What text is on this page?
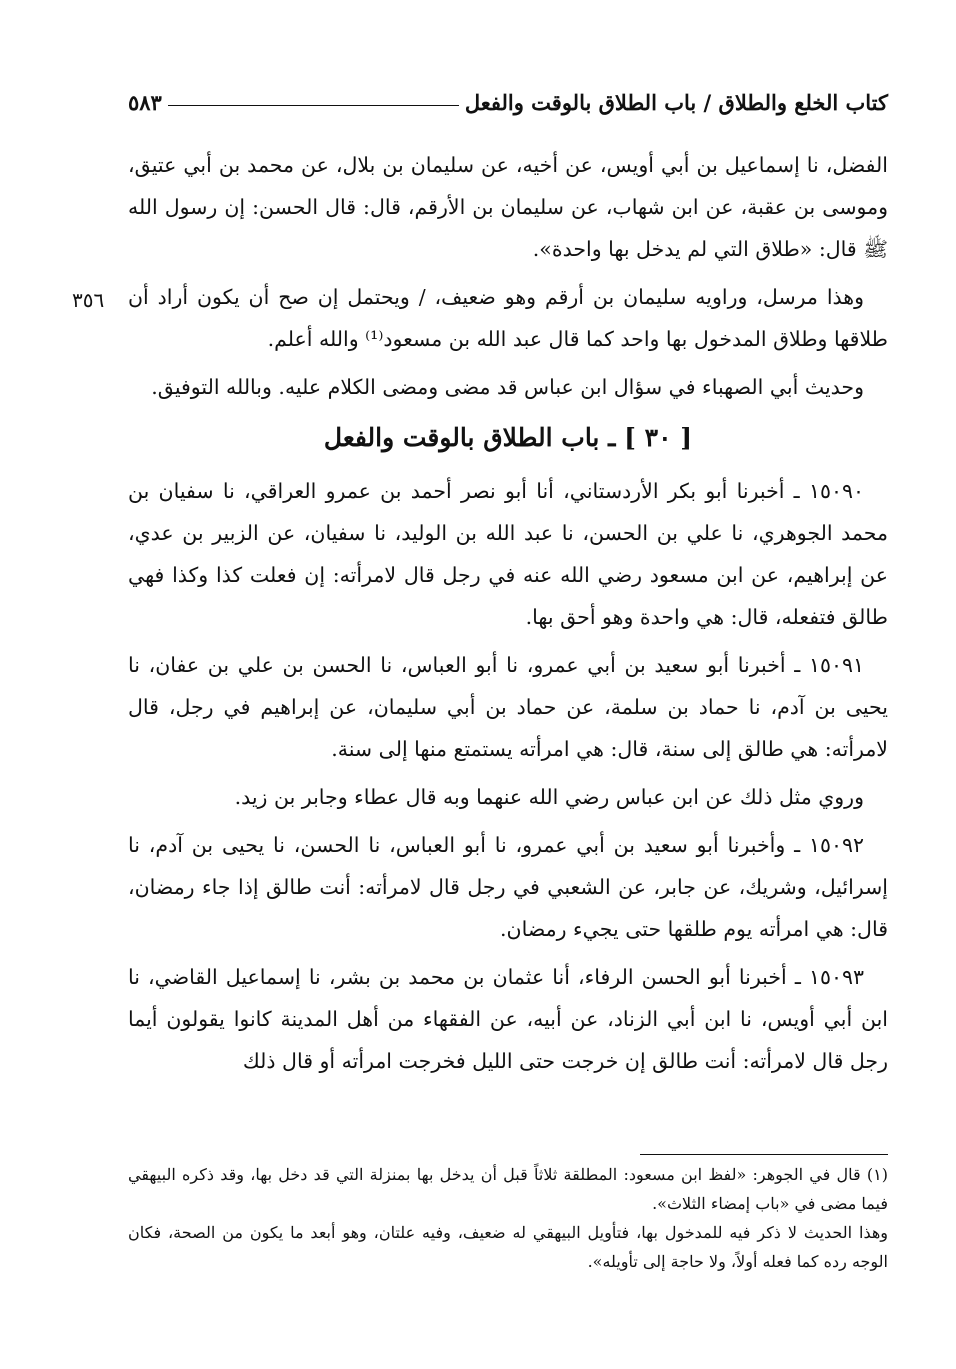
كتاب الخلع والطلاق / باب الطلاق بالوقت والفعل
٥٨٣
٣٥٦

الفضل، نا إسماعيل بن أبي أويس، عن أخيه، عن سليمان بن بلال، عن محمد بن أبي عتيق، وموسى بن عقبة، عن ابن شهاب، عن سليمان بن الأرقم، قال: قال الحسن: إن رسول الله ﷺ قال: «طلاق التي لم يدخل بها واحدة».

وهذا مرسل، وراويه سليمان بن أرقم وهو ضعيف، / ويحتمل إن صح أن يكون أراد أن طلاقها وطلاق المدخول بها واحد كما قال عبد الله بن مسعود⁽¹⁾ والله أعلم.

وحديث أبي الصهباء في سؤال ابن عباس قد مضى ومضى الكلام عليه. وبالله التوفيق.

[ ٣٠ ] ـ باب الطلاق بالوقت والفعل

١٥٠٩٠ ـ أخبرنا أبو بكر الأردستاني، أنا أبو نصر أحمد بن عمرو العراقي، نا سفيان بن محمد الجوهري، نا علي بن الحسن، نا عبد الله بن الوليد، نا سفيان، عن الزبير بن عدي، عن إبراهيم، عن ابن مسعود رضي الله عنه في رجل قال لامرأته: إن فعلت كذا وكذا فهي طالق فتفعله، قال: هي واحدة وهو أحق بها.

١٥٠٩١ ـ أخبرنا أبو سعيد بن أبي عمرو، نا أبو العباس، نا الحسن بن علي بن عفان، نا يحيى بن آدم، نا حماد بن سلمة، عن حماد بن أبي سليمان، عن إبراهيم في رجل، قال لامرأته: هي طالق إلى سنة، قال: هي امرأته يستمتع منها إلى سنة.

وروي مثل ذلك عن ابن عباس رضي الله عنهما وبه قال عطاء وجابر بن زيد.

١٥٠٩٢ ـ وأخبرنا أبو سعيد بن أبي عمرو، نا أبو العباس، نا الحسن، نا يحيى بن آدم، نا إسرائيل، وشريك، عن جابر، عن الشعبي في رجل قال لامرأته: أنت طالق إذا جاء رمضان، قال: هي امرأته يوم طلقها حتى يجيء رمضان.

١٥٠٩٣ ـ أخبرنا أبو الحسن الرفاء، أنا عثمان بن محمد بن بشر، نا إسماعيل القاضي، نا ابن أبي أويس، نا ابن أبي الزناد، عن أبيه، عن الفقهاء من أهل المدينة كانوا يقولون أيما رجل قال لامرأته: أنت طالق إن خرجت حتى الليل فخرجت امرأته أو قال ذلك

(١) قال في الجوهر: «لفظ ابن مسعود: المطلقة ثلاثاً قبل أن يدخل بها بمنزلة التي قد دخل بها، وقد ذكره البيهقي فيما مضى في «باب إمضاء الثلاث».

وهذا الحديث لا ذكر فيه للمدخول بها، فتأويل البيهقي له ضعيف، وفيه علتان، وهو أبعد ما يكون من الصحة، فكان الوجه رده كما فعله أولاً، ولا حاجة إلى تأويله».
